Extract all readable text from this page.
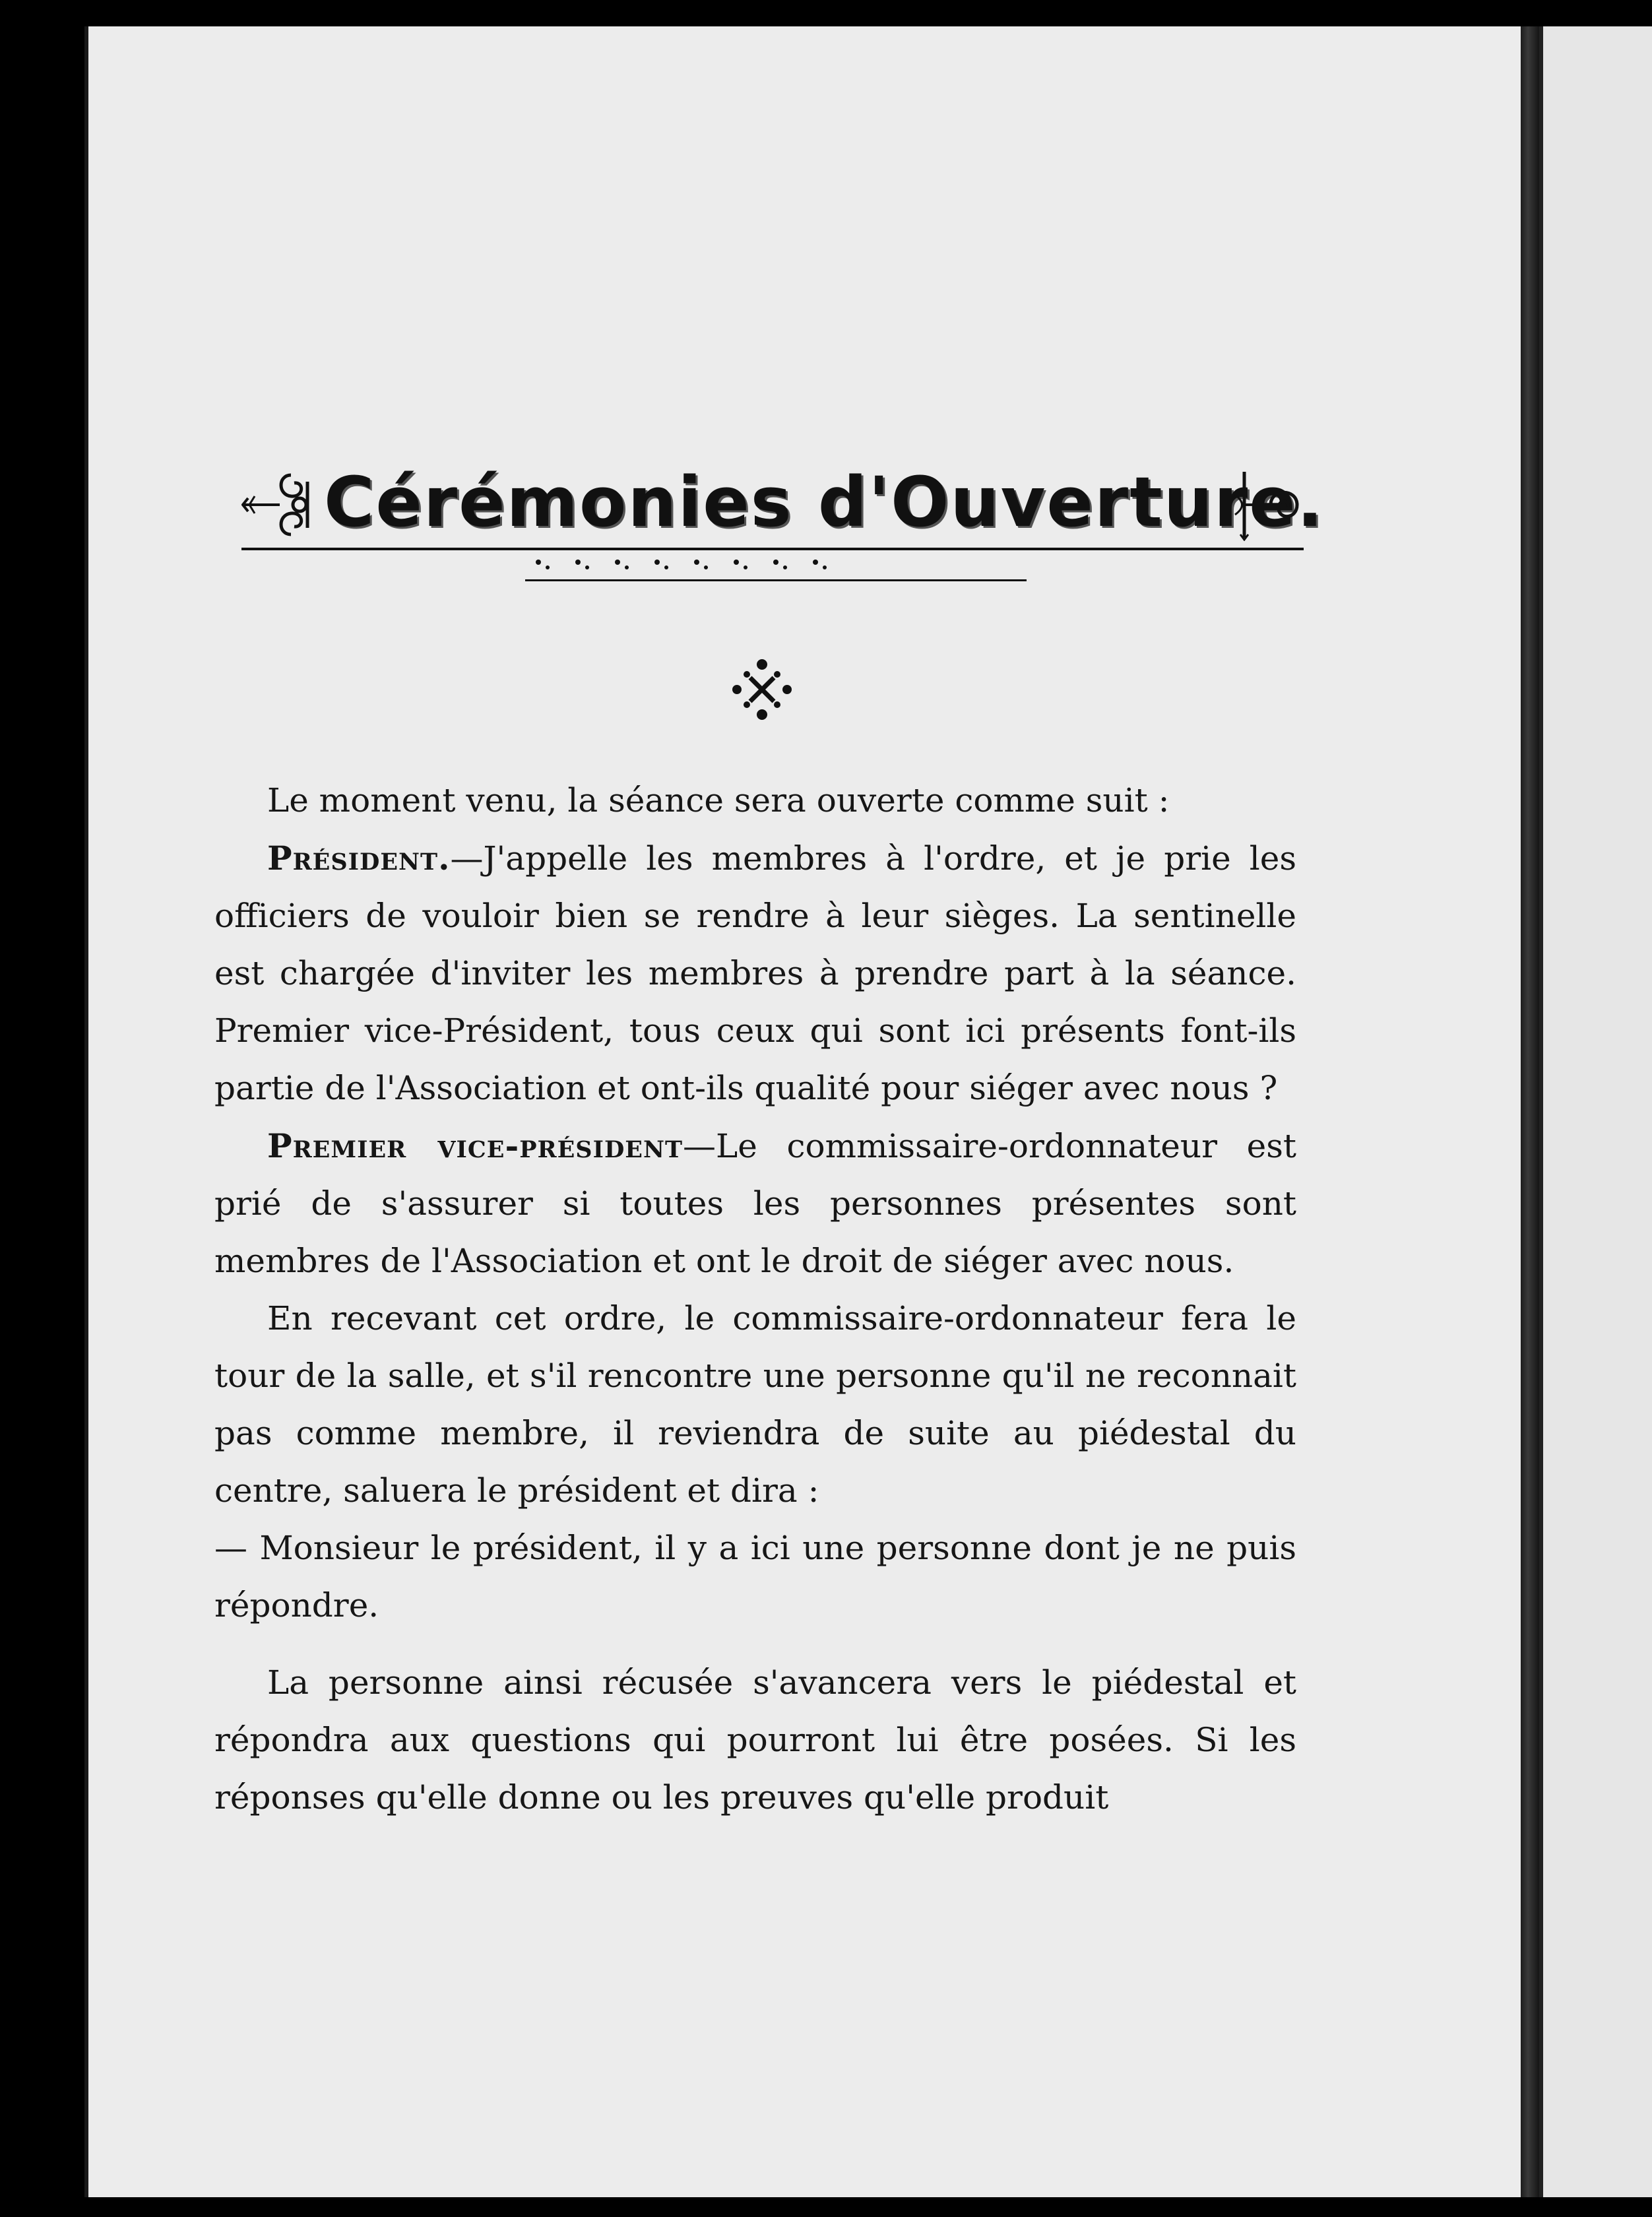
Cérémonies d'Ouverture.

Le moment venu, la séance sera ouverte comme suit :

Président.—J'appelle les membres à l'ordre, et je prie les officiers de vouloir bien se rendre à leur sièges. La sentinelle est chargée d'inviter les membres à prendre part à la séance. Premier vice-Président, tous ceux qui sont ici présents font-ils partie de l'Association et ont-ils qualité pour siéger avec nous ?

Premier vice-président—Le commissaire-ordonnateur est prié de s'assurer si toutes les personnes présentes sont membres de l'Association et ont le droit de siéger avec nous.

En recevant cet ordre, le commissaire-ordonnateur fera le tour de la salle, et s'il rencontre une personne qu'il ne reconnait pas comme membre, il reviendra de suite au piédestal du centre, saluera le président et dira :

— Monsieur le président, il y a ici une personne dont je ne puis répondre.

La personne ainsi récusée s'avancera vers le piédestal et répondra aux questions qui pourront lui être posées. Si les réponses qu'elle donne ou les preuves qu'elle produit
